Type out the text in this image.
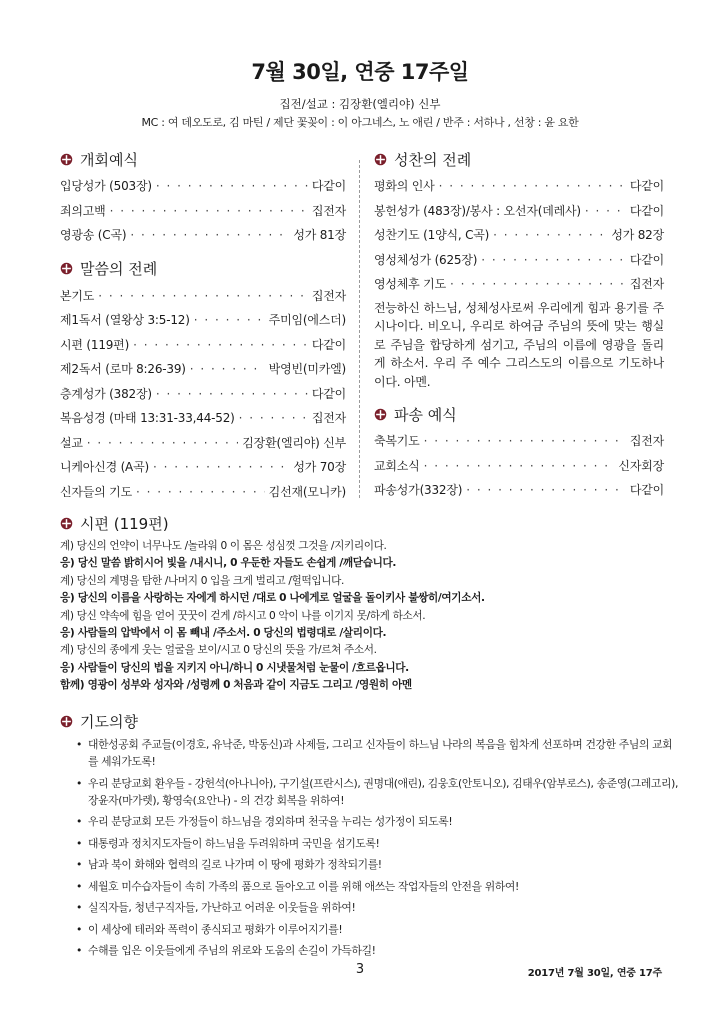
7월 30일, 연중 17주일
집전/설교 : 김장환(엘리야) 신부
MC : 여 데오도로, 김 마틴 / 제단 꽃꽂이 : 이 아그네스, 노 애린 / 반주 : 서하나 , 선창 : 윤 요한
개회예식
입당성가 (503장) · · ·	다같이
죄의고백 · · ·	집전자
영광송 (C곡) · · ·	성가 81장
말씀의 전례
본기도 · · ·	집전자
제1독서 (열왕상 3:5-12) · · ·	주미임(에스더)
시편 (119편) · · ·	다같이
제2독서 (로마 8:26-39) · · ·	박영빈(미카엘)
층계성가 (382장) · · ·	다같이
복음성경 (마태 13:31-33,44-52) · · ·	집전자
설교 · · ·	김장환(엘리야) 신부
니케아신경 (A곡) · · ·	성가 70장
신자들의 기도 · · ·	김선재(모니카)
성찬의 전례
평화의 인사 · · ·	다같이
봉헌성가 (483장)/봉사 : 오선자(데레사) · · ·	다같이
성찬기도 (1양식, C곡) · · ·	성가 82장
영성체성가 (625장) · · ·	다같이
영성체후 기도 · · ·	집전자
전능하신 하느님, 성체성사로써 우리에게 힘과 용기를 주시나이다. 비오니, 우리로 하여금 주님의 뜻에 맞는 행실로 주님을 합당하게 섬기고, 주님의 이름에 영광을 돌리게 하소서. 우리 주 예수 그리스도의 이름으로 기도하나이다. 아멘.
파송 예식
축복기도 · · ·	집전자
교회소식 · · ·	신자회장
파송성가(332장) · · ·	다같이
시편 (119편)
계) 당신의 언약이 너무나도 /놀라워 0 이 몸은 성심껏 그것을 /지키리이다.
응) 당신 말씀 밝히시어 빛을 /내시니, 0 우둔한 자들도 손쉽게 /깨닫습니다.
계) 당신의 계명을 탐한 /나머지 0 입을 크게 벌리고 /헐떡입니다.
응) 당신의 이름을 사랑하는 자에게 하시던 /대로 0 나에게로 얼굴을 돌이키사 불쌍히/여기소서.
계) 당신 약속에 힘을 얻어 꿋꿋이 걷게 /하시고 0 악이 나를 이기지 못/하게 하소서.
응) 사람들의 압박에서 이 몸 빼내 /주소서. 0 당신의 법령대로 /살리이다.
계) 당신의 종에게 웃는 얼굴을 보이/시고 0 당신의 뜻을 가/르쳐 주소서.
응) 사람들이 당신의 법을 지키지 아니/하니 0 시냇물처럼 눈물이 /흐르옵니다.
함께) 영광이 성부와 성자와 /성령께 0 처음과 같이 지금도 그리고 /영원히 아멘
기도의향
• 대한성공회 주교들(이경호, 유낙준, 박동신)과 사제들, 그리고 신자들이 하느님 나라의 복음을 힘차게 선포하며 건강한 주님의 교회를 세워가도록!
• 우리 분당교회 환우들 - 강헌석(아나니아), 구기설(프란시스), 권명대(애린), 김웅호(안토니오), 김태우(암부로스), 송준영(그레고리), 장윤자(마가렛), 황영숙(요안나) - 의 건강 회복을 위하여!
• 우리 분당교회 모든 가정들이 하느님을 경외하며 천국을 누리는 성가정이 되도록!
• 대통령과 정치지도자들이 하느님을 두려워하며 국민을 섬기도록!
• 남과 북이 화해와 협력의 길로 나가며 이 땅에 평화가 정착되기를!
• 세월호 미수습자들이 속히 가족의 품으로 돌아오고 이를 위해 애쓰는 작업자들의 안전을 위하여!
• 실직자들, 청년구직자들, 가난하고 어려운 이웃들을 위하여!
• 이 세상에 테러와 폭력이 종식되고 평화가 이루어지기를!
• 수해를 입은 이웃들에게 주님의 위로와 도움의 손길이 가득하길!
3	2017년 7월 30일, 연중 17주
